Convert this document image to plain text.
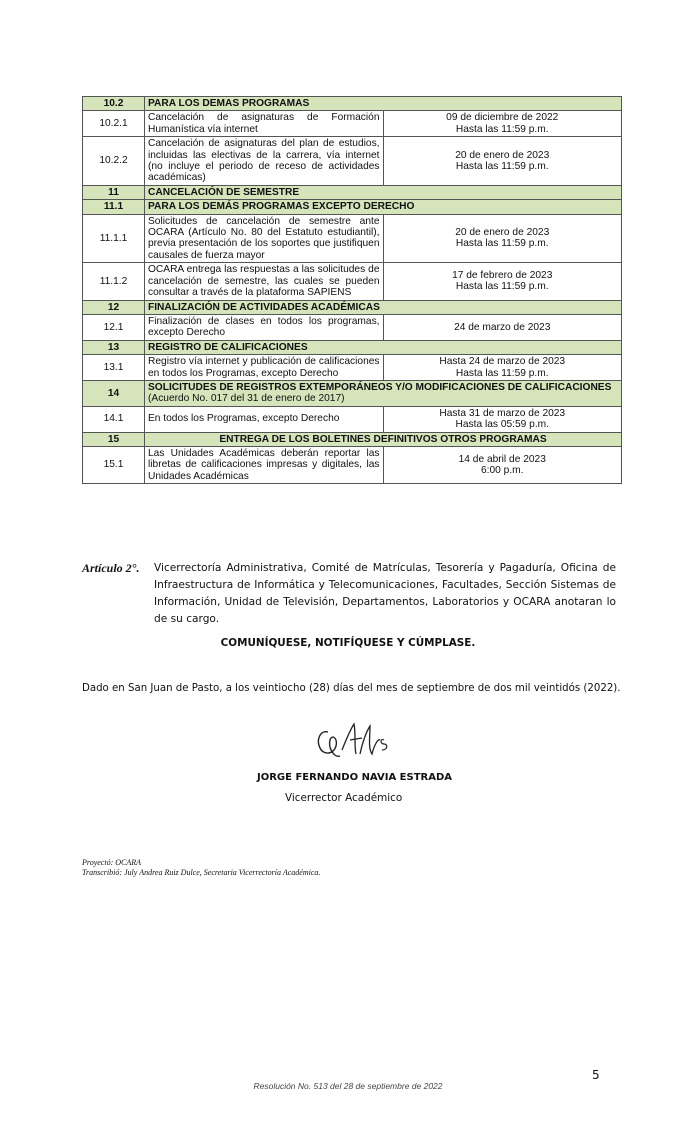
10.2	PARA LOS DEMAS PROGRAMAS	
10.2.1	Cancelación de asignaturas de Formación Humanística vía internet	09 de diciembre de 2022
Hasta las 11:59 p.m.

10.2.2	Cancelación de asignaturas del plan de estudios, incluidas las electivas de la carrera, vía internet (no incluye el periodo de receso de actividades académicas)	20 de enero de 2023
Hasta las 11:59 p.m.

11	CANCELACIÓN DE SEMESTRE	
11.1	PARA LOS DEMÁS PROGRAMAS EXCEPTO DERECHO	
11.1.1	Solicitudes de cancelación de semestre ante OCARA (Artículo No. 80 del Estatuto estudiantil), previa presentación de los soportes que justifiquen causales de fuerza mayor	20 de enero de 2023
Hasta las 11:59 p.m.

11.1.2	OCARA entrega las respuestas a las solicitudes de cancelación de semestre, las cuales se pueden consultar a través de la plataforma SAPIENS	17 de febrero de 2023
Hasta las 11:59 p.m.

12	FINALIZACIÓN DE ACTIVIDADES ACADÉMICAS	
12.1	Finalización de clases en todos los programas, excepto Derecho	24 de marzo de 2023

13	REGISTRO DE CALIFICACIONES	
13.1	Registro vía internet y publicación de calificaciones en todos los Programas, excepto Derecho	Hasta 24 de marzo de 2023
Hasta las 11:59 p.m.

14	SOLICITUDES DE REGISTROS EXTEMPORÁNEOS Y/O MODIFICACIONES DE CALIFICACIONES (Acuerdo No. 017 del 31 de enero de 2017)	
14.1	En todos los Programas, excepto Derecho	Hasta 31 de marzo de 2023
Hasta las 05:59 p.m.

15	ENTREGA DE LOS BOLETINES DEFINITIVOS OTROS PROGRAMAS	
15.1	Las Unidades Académicas deberán reportar las libretas de calificaciones impresas y digitales, las Unidades Académicas	14 de abril de 2023
6:00 p.m.
Artículo 2°. Vicerrectoría Administrativa, Comité de Matrículas, Tesorería y Pagaduría, Oficina de Infraestructura de Informática y Telecomunicaciones, Facultades, Sección Sistemas de Información, Unidad de Televisión, Departamentos, Laboratorios y OCARA anotaran lo de su cargo.
COMUNÍQUESE, NOTIFÍQUESE Y CÚMPLASE.
Dado en San Juan de Pasto, a los veintiocho (28) días del mes de septiembre de dos mil veintidós (2022).
JORGE FERNANDO NAVIA ESTRADA
Vicerrector Académico
Proyectó: OCARA
Transcribió: July Andrea Ruiz Dulce, Secretaria Vicerrectoría Académica.
5
Resolución No. 513 del 28 de septiembre de 2022
